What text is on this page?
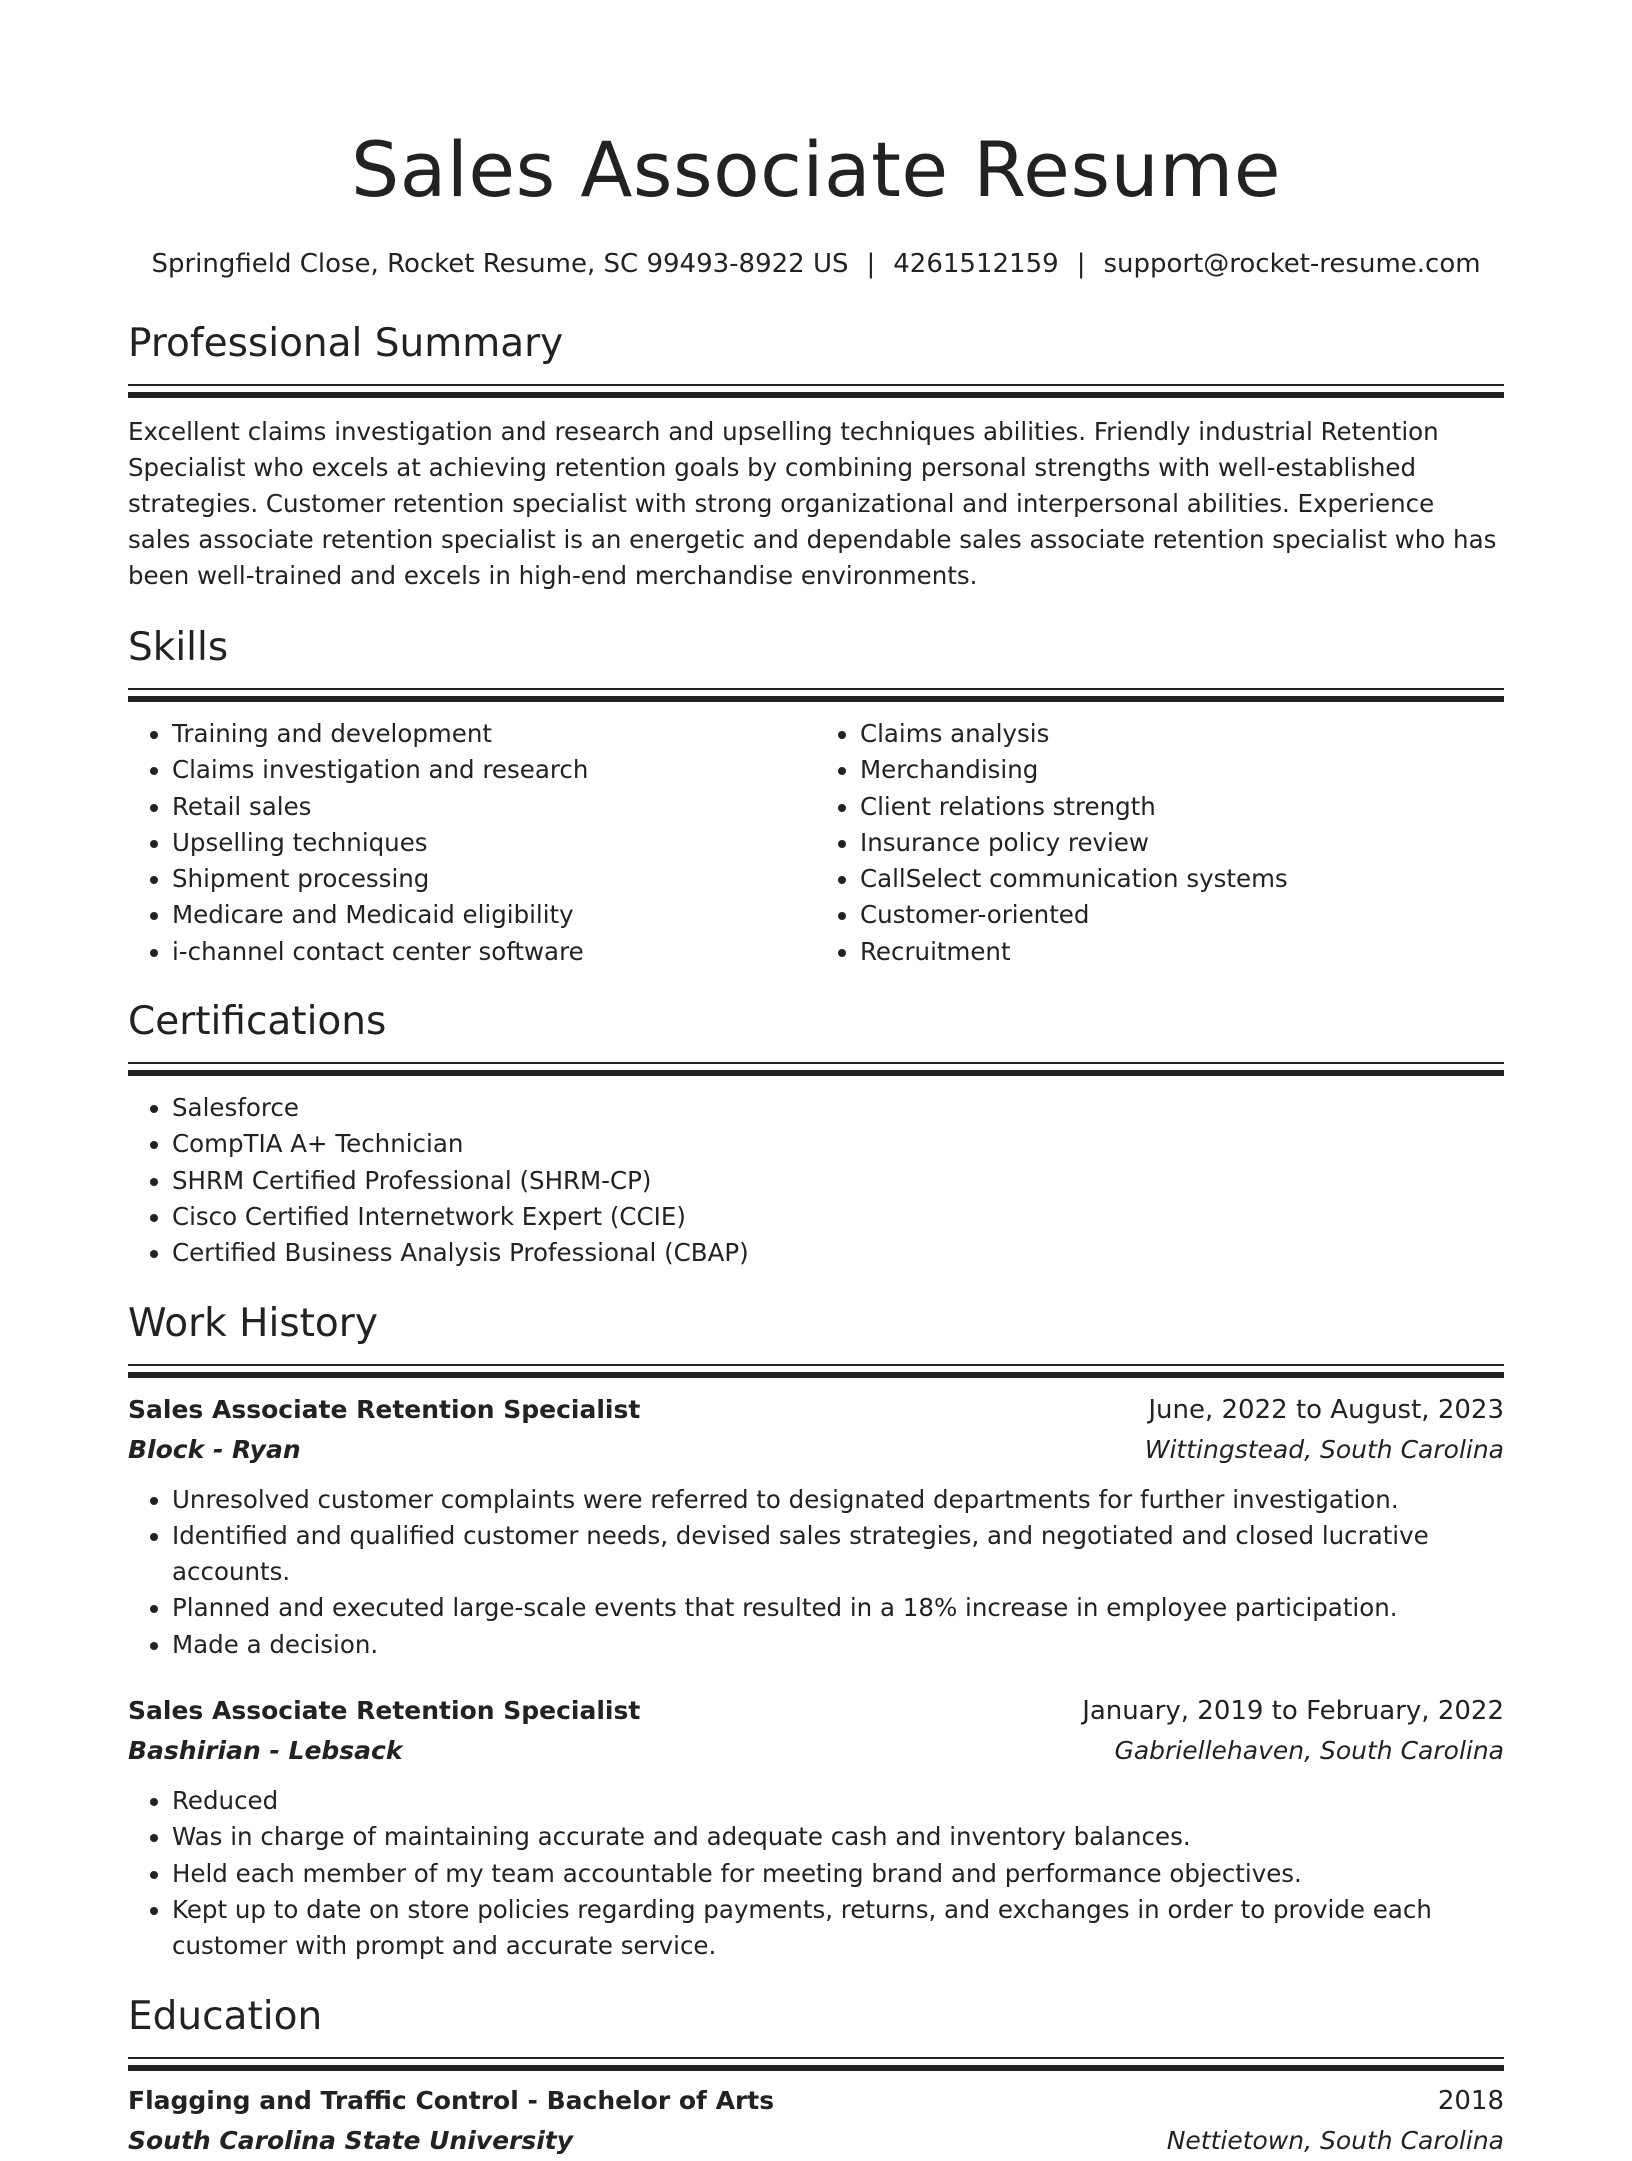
Sales Associate Resume
Springfield Close, Rocket Resume, SC 99493-8922 US | 4261512159 | support@rocket-resume.com
Professional Summary

Excellent claims investigation and research and upselling techniques abilities. Friendly industrial Retention Specialist who excels at achieving retention goals by combining personal strengths with well-established strategies. Customer retention specialist with strong organizational and interpersonal abilities. Experience sales associate retention specialist is an energetic and dependable sales associate retention specialist who has been well-trained and excels in high-end merchandise environments.

Skills
• Training and development
• Claims investigation and research
• Retail sales
• Upselling techniques
• Shipment processing
• Medicare and Medicaid eligibility
• i-channel contact center software
• Claims analysis
• Merchandising
• Client relations strength
• Insurance policy review
• CallSelect communication systems
• Customer-oriented
• Recruitment
Certifications
• Salesforce
• CompTIA A+ Technician
• SHRM Certified Professional (SHRM-CP)
• Cisco Certified Internetwork Expert (CCIE)
• Certified Business Analysis Professional (CBAP)
Work History
Sales Associate Retention Specialist	June, 2022 to August, 2023
Block - Ryan	Wittingstead, South Carolina
• Unresolved customer complaints were referred to designated departments for further investigation.
• Identified and qualified customer needs, devised sales strategies, and negotiated and closed lucrative accounts.
• Planned and executed large-scale events that resulted in a 18% increase in employee participation.
• Made a decision.
Sales Associate Retention Specialist	January, 2019 to February, 2022
Bashirian - Lebsack	Gabriellehaven, South Carolina
• Reduced
• Was in charge of maintaining accurate and adequate cash and inventory balances.
• Held each member of my team accountable for meeting brand and performance objectives.
• Kept up to date on store policies regarding payments, returns, and exchanges in order to provide each customer with prompt and accurate service.
Education
Flagging and Traffic Control - Bachelor of Arts	2018
South Carolina State University	Nettietown, South Carolina
